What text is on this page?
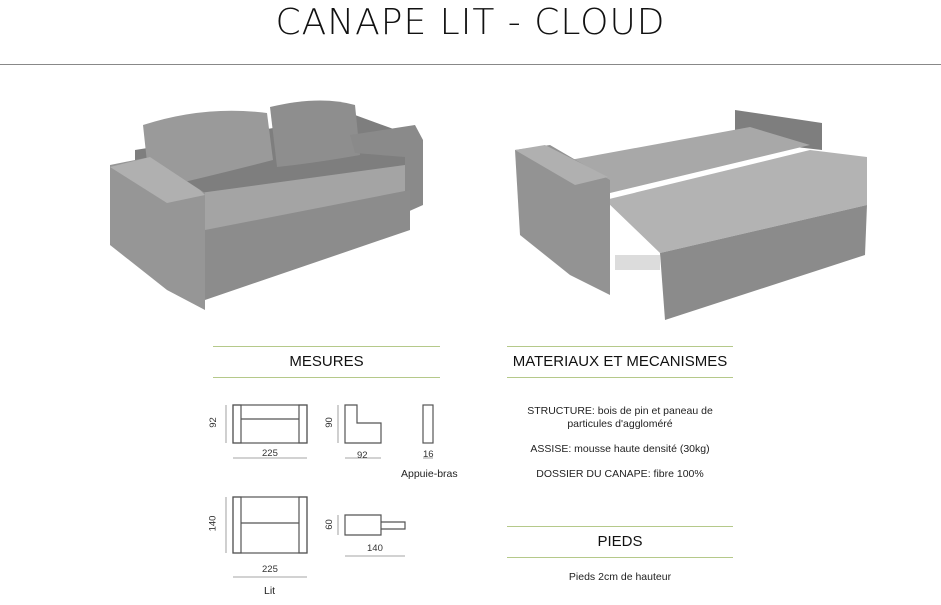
CANAPE LIT - CLOUD
MESURES	MATERIAUX ET MECANISMES
STRUCTURE: bois de pin et paneau de particules d'aggloméré
ASSISE: mousse haute densité (30kg)
DOSSIER DU CANAPE: fibre 100%
PIEDS
Pieds 2cm de hauteur
92
225
90
92	16
Appuie-bras
140
225
Lit
60
140
